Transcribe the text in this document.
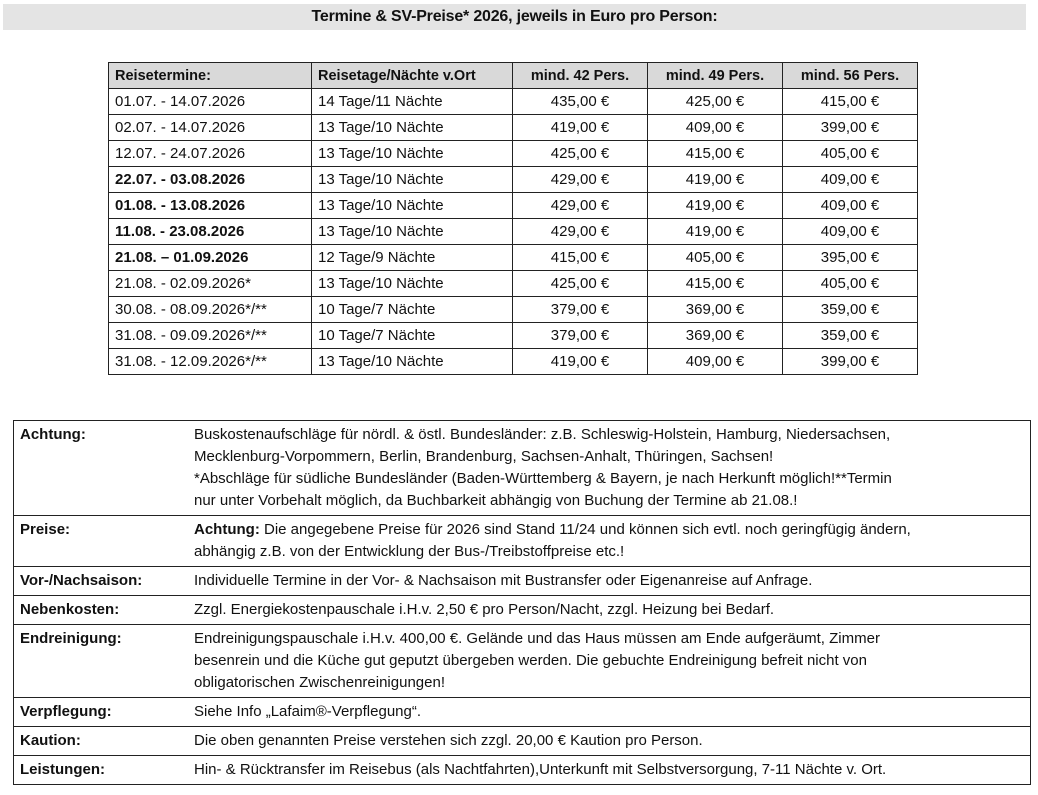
Termine & SV-Preise* 2026, jeweils in Euro pro Person:
Reisetermine:	Reisetage/Nächte v.Ort	mind. 42 Pers.	mind. 49 Pers.	mind. 56 Pers.
01.07. - 14.07.2026	14 Tage/11 Nächte	435,00 €	425,00 €	415,00 €
02.07. - 14.07.2026	13 Tage/10 Nächte	419,00 €	409,00 €	399,00 €
12.07. - 24.07.2026	13 Tage/10 Nächte	425,00 €	415,00 €	405,00 €
22.07. - 03.08.2026	13 Tage/10 Nächte	429,00 €	419,00 €	409,00 €
01.08. - 13.08.2026	13 Tage/10 Nächte	429,00 €	419,00 €	409,00 €
11.08. - 23.08.2026	13 Tage/10 Nächte	429,00 €	419,00 €	409,00 €
21.08. – 01.09.2026	12 Tage/9 Nächte	415,00 €	405,00 €	395,00 €
21.08. - 02.09.2026*	13 Tage/10 Nächte	425,00 €	415,00 €	405,00 €
30.08. - 08.09.2026*/**	10 Tage/7 Nächte	379,00 €	369,00 €	359,00 €
31.08. - 09.09.2026*/**	10 Tage/7 Nächte	379,00 €	369,00 €	359,00 €
31.08. - 12.09.2026*/**	13 Tage/10 Nächte	419,00 €	409,00 €	399,00 €
Achtung:	Buskostenaufschläge für nördl. & östl. Bundesländer: z.B. Schleswig-Holstein, Hamburg, Niedersachsen,
Mecklenburg-Vorpommern, Berlin, Brandenburg, Sachsen-Anhalt, Thüringen, Sachsen!
*Abschläge für südliche Bundesländer (Baden-Württemberg & Bayern, je nach Herkunft möglich!**Termin
nur unter Vorbehalt möglich, da Buchbarkeit abhängig von Buchung der Termine ab 21.08.!

Preise:	Achtung: Die angegebene Preise für 2026 sind Stand 11/24 und können sich evtl. noch geringfügig ändern,
abhängig z.B. von der Entwicklung der Bus-/Treibstoffpreise etc.!

Vor-/Nachsaison:	Individuelle Termine in der Vor- & Nachsaison mit Bustransfer oder Eigenanreise auf Anfrage.

Nebenkosten:	Zzgl. Energiekostenpauschale i.H.v. 2,50 € pro Person/Nacht, zzgl. Heizung bei Bedarf.

Endreinigung:	Endreinigungspauschale i.H.v. 400,00 €. Gelände und das Haus müssen am Ende aufgeräumt, Zimmer
besenrein und die Küche gut geputzt übergeben werden. Die gebuchte Endreinigung befreit nicht von
obligatorischen Zwischenreinigungen!

Verpflegung:	Siehe Info „Lafaim®-Verpflegung“.

Kaution:	Die oben genannten Preise verstehen sich zzgl. 20,00 € Kaution pro Person.

Leistungen:	Hin- & Rücktransfer im Reisebus (als Nachtfahrten),Unterkunft mit Selbstversorgung, 7-11 Nächte v. Ort.
